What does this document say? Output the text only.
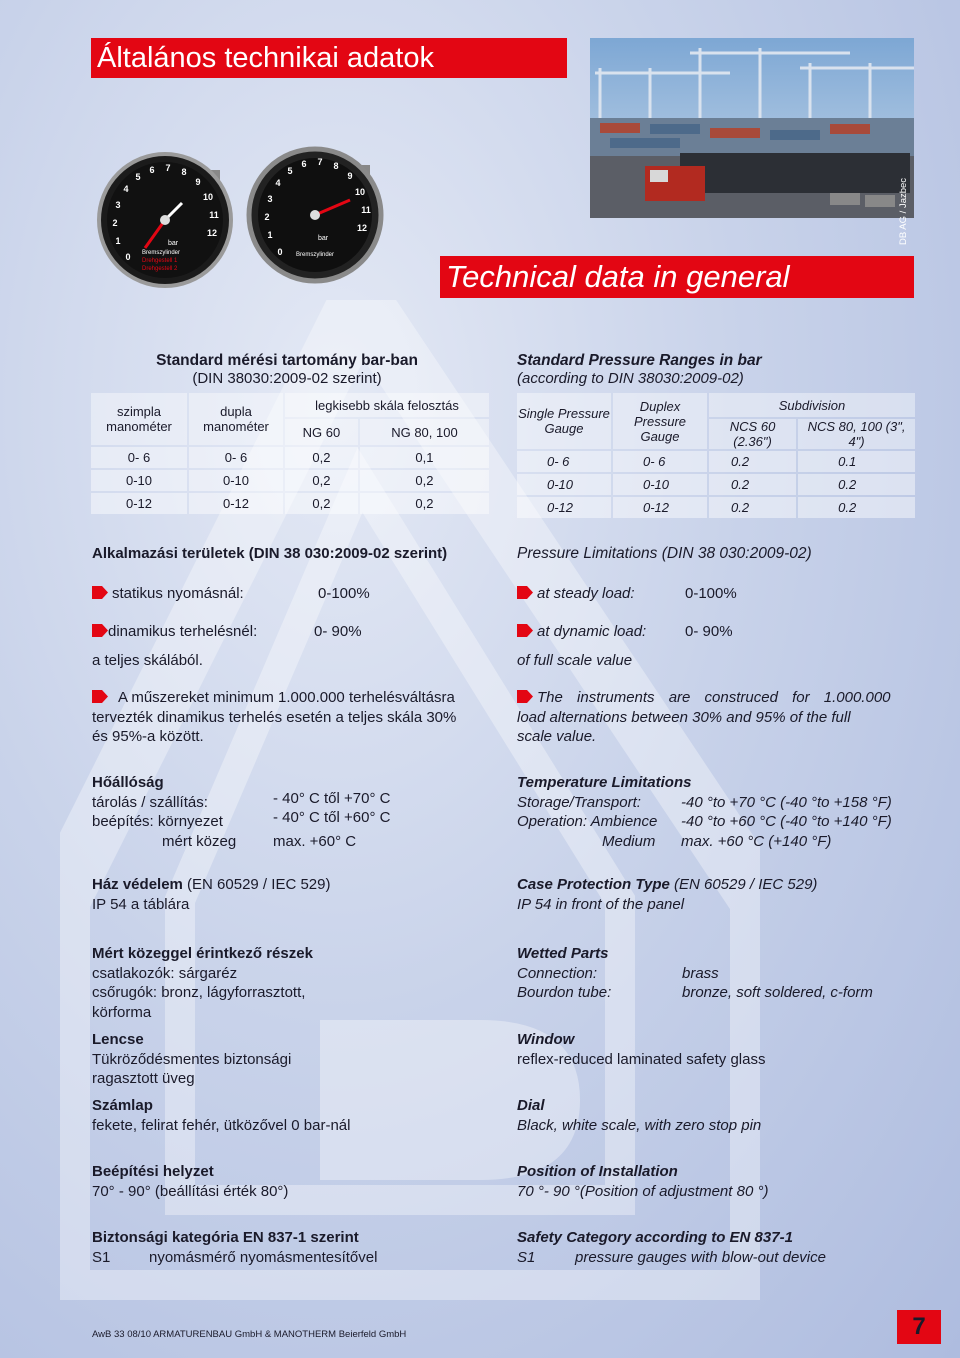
Általános technikai adatok
Technical data in general
DB AG / Jazbec
0
1
2
3
4
5
6 7 8
9
10
11
12
bar
Bremszylinder
Drehgestell 1
Drehgestell 2
0
1
2
3
4
5
6 7 8
9
10
11
12
bar
Bremszylinder
Standard mérési tartomány bar-ban
(DIN 38030:2009-02 szerint)
szimpla manométer	dupla manométer	legkisebb skála felosztás	
		NG 60	NG 80, 100
0- 6	0- 6	0,2	0,1
0-10	0-10	0,2	0,2
0-12	0-12	0,2	0,2
Standard Pressure Ranges in bar
(according to DIN 38030:2009-02)
Single Pressure Gauge	Duplex Pressure Gauge	Subdivision	
		NCS 60 (2.36")	NCS 80, 100 (3", 4")
0- 6	0- 6	0.2	0.1
0-10	0-10	0.2	0.2
0-12	0-12	0.2	0.2
Alkalmazási területek (DIN 38 030:2009-02 szerint)
statikus nyomásnál:	0-100%
dinamikus terhelésnél:	0- 90%
a teljes skálából.
A műszereket minimum 1.000.000 terhelésváltásra
tervezték dinamikus terhelés esetén a teljes skála 30%
és 95%-a között.
Pressure Limitations (DIN 38 030:2009-02)
at steady load:	0-100%
at dynamic load:	0- 90%
of full scale value
The instruments are construced for 1.000.000
load alternations between 30% and 95% of the full
scale value.
Hőállóság
tárolás / szállítás:	- 40° C től +70° C
beépítés: környezet	- 40° C től +60° C
mért közeg max. +60° C
Temperature Limitations
Storage/Transport:	-40 °to +70 °C (-40 °to +158 °F)
Operation: Ambience -40 °to +60 °C (-40 °to +140 °F)
Medium max. +60 °C (+140 °F)
Ház védelem (EN 60529 / IEC 529)
IP 54 a táblára
Case Protection Type (EN 60529 / IEC 529)
IP 54 in front of the panel
Mért közeggel érintkező részek
csatlakozók: sárgaréz
csőrugók: bronz, lágyforrasztott,
körforma
Wetted Parts
Connection:	brass
Bourdon tube:	bronze, soft soldered, c-form
Lencse
Tükröződésmentes biztonsági
ragasztott üveg
Window
reflex-reduced laminated safety glass
Számlap
fekete, felirat fehér, ütközővel 0 bar-nál
Dial
Black, white scale, with zero stop pin
Beépítési helyzet
70° - 90° (beállítási érték 80°)
Position of Installation
70 °- 90 °(Position of adjustment 80 °)
Biztonsági kategória EN 837-1 szerint
S1	nyomásmérő nyomásmentesítővel
Safety Category according to EN 837-1
S1	pressure gauges with blow-out device
AwB 33 08/10 ARMATURENBAU GmbH & MANOTHERM Beierfeld GmbH	7
